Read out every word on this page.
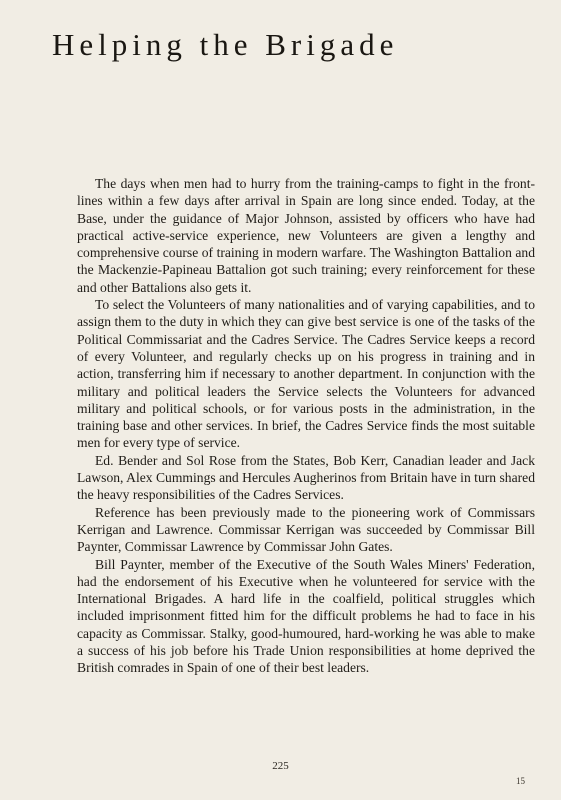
Helping the Brigade

The days when men had to hurry from the training-camps to fight in the front-lines within a few days after arrival in Spain are long since ended. Today, at the Base, under the guidance of Major Johnson, assisted by officers who have had practical active-service experience, new Volunteers are given a lengthy and comprehensive course of training in modern warfare. The Washington Battalion and the Mackenzie-Papineau Battalion got such training; every reinforcement for these and other Battalions also gets it.

To select the Volunteers of many nationalities and of varying capabilities, and to assign them to the duty in which they can give best service is one of the tasks of the Political Commissariat and the Cadres Service. The Cadres Service keeps a record of every Volunteer, and regularly checks up on his progress in training and in action, transferring him if necessary to another department. In conjunction with the military and political leaders the Service selects the Volunteers for advanced military and political schools, or for various posts in the administration, in the training base and other services. In brief, the Cadres Service finds the most suitable men for every type of service.

Ed. Bender and Sol Rose from the States, Bob Kerr, Canadian leader and Jack Lawson, Alex Cummings and Hercules Augherinos from Britain have in turn shared the heavy responsibilities of the Cadres Services.

Reference has been previously made to the pioneering work of Commissars Kerrigan and Lawrence. Commissar Kerrigan was succeeded by Commissar Bill Paynter, Commissar Lawrence by Commissar John Gates.

Bill Paynter, member of the Executive of the South Wales Miners' Federation, had the endorsement of his Executive when he volunteered for service with the International Brigades. A hard life in the coalfield, political struggles which included imprisonment fitted him for the difficult problems he had to face in his capacity as Commissar. Stalky, good-humoured, hard-working he was able to make a success of his job before his Trade Union responsibilities at home deprived the British comrades in Spain of one of their best leaders.

225
15
